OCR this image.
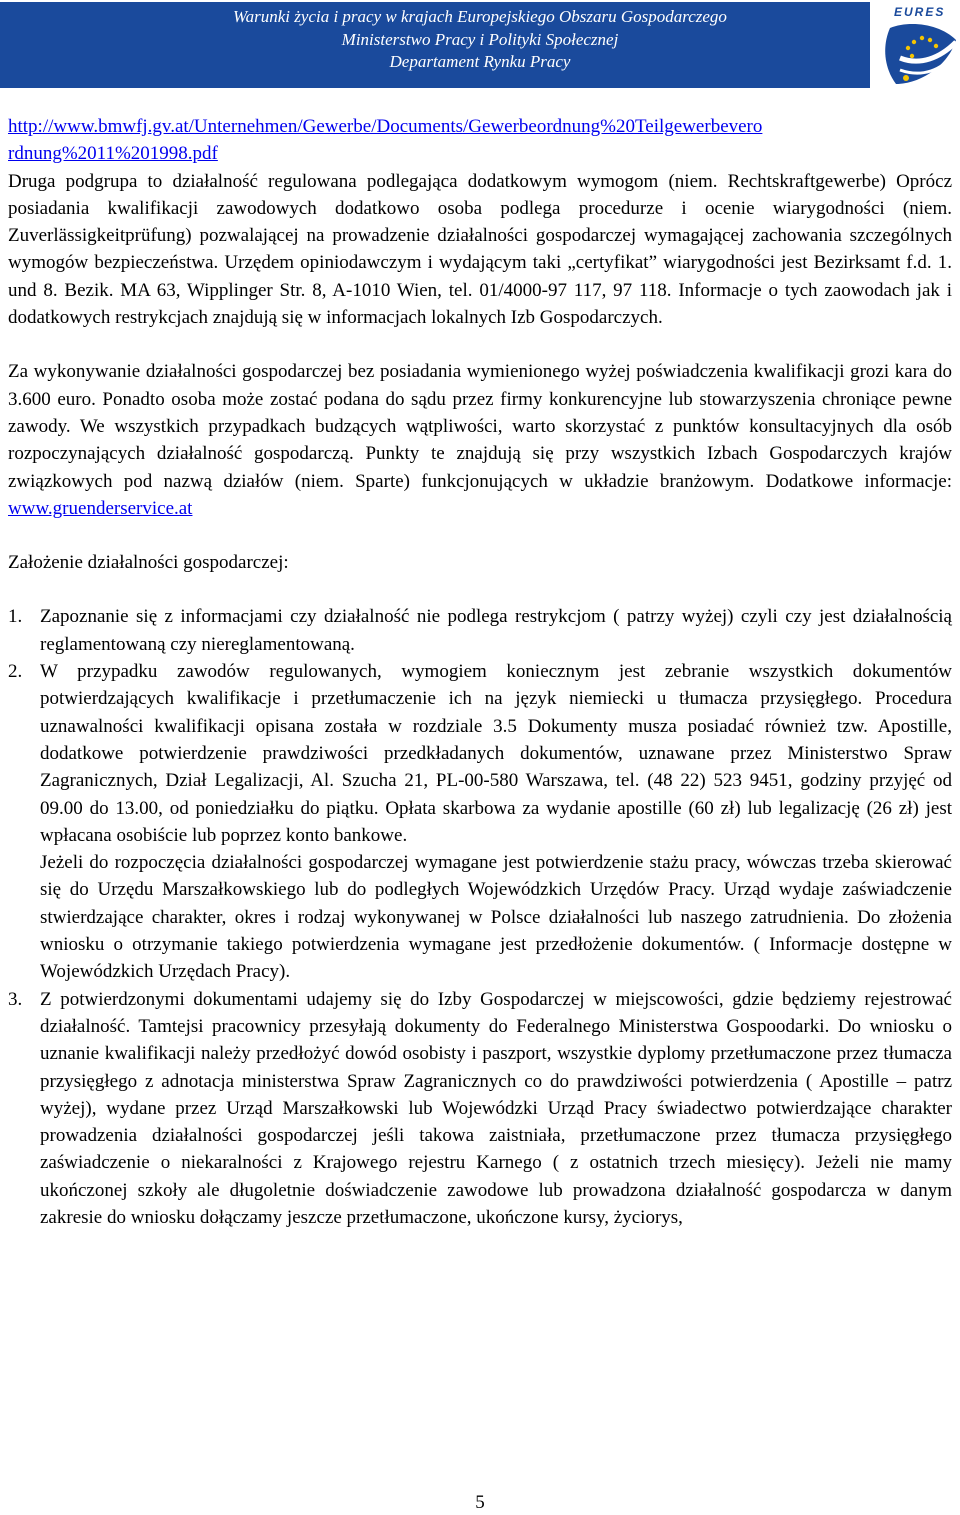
Warunki życia i pracy w krajach Europejskiego Obszaru Gospodarczego
Ministerstwo Pracy i Polityki Społecznej
Departament Rynku Pracy
EURES

http://www.bmwfj.gv.at/Unternehmen/Gewerbe/Documents/Gewerbeordnung%20Teilgewerbevero
rdnung%2011%201998.pdf

Druga podgrupa to działalność regulowana podlegająca dodatkowym wymogom (niem. Rechtskraftgewerbe) Oprócz posiadania kwalifikacji zawodowych dodatkowo osoba podlega procedurze i ocenie wiarygodności (niem. Zuverlässigkeitprüfung) pozwalającej na prowadzenie działalności gospodarczej wymagającej zachowania szczególnych wymogów bezpieczeństwa. Urzędem opiniodawczym i wydającym taki „certyfikat” wiarygodności jest Bezirksamt f.d. 1. und 8. Bezik. MA 63, Wipplinger Str. 8, A-1010 Wien, tel. 01/4000-97 117, 97 118. Informacje o tych zaowodach jak i dodatkowych restrykcjach znajdują się w informacjach lokalnych Izb Gospodarczych.

Za wykonywanie działalności gospodarczej bez posiadania wymienionego wyżej poświadczenia kwalifikacji grozi kara do 3.600 euro. Ponadto osoba może zostać podana do sądu przez firmy konkurencyjne lub stowarzyszenia chroniące pewne zawody. We wszystkich przypadkach budzących wątpliwości, warto skorzystać z punktów konsultacyjnych dla osób rozpoczynających działalność gospodarczą. Punkty te znajdują się przy wszystkich Izbach Gospodarczych krajów związkowych pod nazwą działów (niem. Sparte) funkcjonujących w układzie branżowym. Dodatkowe informacje: www.gruenderservice.at

Założenie działalności gospodarczej:

1. Zapoznanie się z informacjami czy działalność nie podlega restrykcjom ( patrzy wyżej) czyli czy jest działalnością reglamentowaną czy niereglamentowaną.

2. W przypadku zawodów regulowanych, wymogiem koniecznym jest zebranie wszystkich dokumentów potwierdzających kwalifikacje i przetłumaczenie ich na język niemiecki u tłumacza przysięgłego. Procedura uznawalności kwalifikacji opisana została w rozdziale 3.5 Dokumenty musza posiadać również tzw. Apostille, dodatkowe potwierdzenie prawdziwości przedkładanych dokumentów, uznawane przez Ministerstwo Spraw Zagranicznych, Dział Legalizacji, Al. Szucha 21, PL-00-580 Warszawa, tel. (48 22) 523 9451, godziny przyjęć od 09.00 do 13.00, od poniedziałku do piątku. Opłata skarbowa za wydanie apostille (60 zł) lub legalizację (26 zł) jest wpłacana osobiście lub poprzez konto bankowe.

Jeżeli do rozpoczęcia działalności gospodarczej wymagane jest potwierdzenie stażu pracy, wówczas trzeba skierować się do Urzędu Marszałkowskiego lub do podległych Wojewódzkich Urzędów Pracy. Urząd wydaje zaświadczenie stwierdzające charakter, okres i rodzaj wykonywanej w Polsce działalności lub naszego zatrudnienia. Do złożenia wniosku o otrzymanie takiego potwierdzenia wymagane jest przedłożenie dokumentów. ( Informacje dostępne w Wojewódzkich Urzędach Pracy).

3. Z potwierdzonymi dokumentami udajemy się do Izby Gospodarczej w miejscowości, gdzie będziemy rejestrować działalność. Tamtejsi pracownicy przesyłają dokumenty do Federalnego Ministerstwa Gospoodarki. Do wniosku o uznanie kwalifikacji należy przedłożyć dowód osobisty i paszport, wszystkie dyplomy przetłumaczone przez tłumacza przysięgłego z adnotacja ministerstwa Spraw Zagranicznych co do prawdziwości potwierdzenia ( Apostille – patrz wyżej), wydane przez Urząd Marszałkowski lub Wojewódzki Urząd Pracy świadectwo potwierdzające charakter prowadzenia działalności gospodarczej jeśli takowa zaistniała, przetłumaczone przez tłumacza przysięgłego zaświadczenie o niekaralności z Krajowego rejestru Karnego ( z ostatnich trzech miesięcy). Jeżeli nie mamy ukończonej szkoły ale długoletnie doświadczenie zawodowe lub prowadzona działalność gospodarcza w danym zakresie do wniosku dołączamy jeszcze przetłumaczone, ukończone kursy, życiorys,

5
